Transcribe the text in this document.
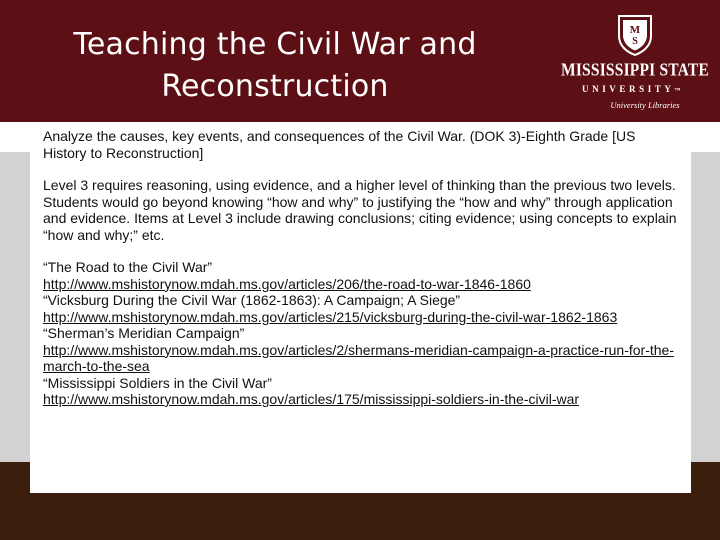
Teaching the Civil War and
Reconstruction
M
S
MISSISSIPPI STATE
UNIVERSITY™
University Libraries

Analyze the causes, key events, and consequences of the Civil War. (DOK 3)-Eighth Grade [US History to Reconstruction]

Level 3 requires reasoning, using evidence, and a higher level of thinking than the previous two levels. Students would go beyond knowing “how and why” to justifying the “how and why” through application and evidence. Items at Level 3 include drawing conclusions; citing evidence; using concepts to explain “how and why;” etc.

“The Road to the Civil War”
http://www.mshistorynow.mdah.ms.gov/articles/206/the-road-to-war-1846-1860
“Vicksburg During the Civil War (1862-1863): A Campaign; A Siege”
http://www.mshistorynow.mdah.ms.gov/articles/215/vicksburg-during-the-civil-war-1862-1863
“Sherman’s Meridian Campaign”
http://www.mshistorynow.mdah.ms.gov/articles/2/shermans-meridian-campaign-a-practice-run-for-the-march-to-the-sea
“Mississippi Soldiers in the Civil War”
http://www.mshistorynow.mdah.ms.gov/articles/175/mississippi-soldiers-in-the-civil-war
